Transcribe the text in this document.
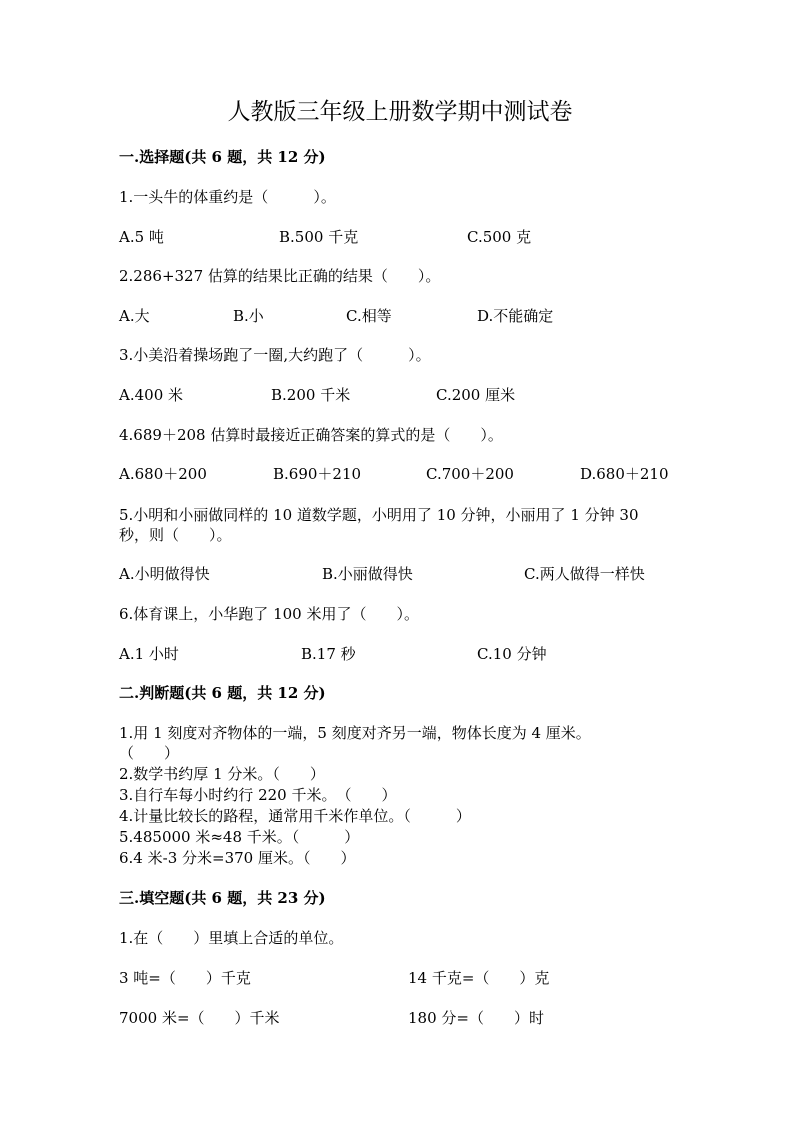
人教版三年级上册数学期中测试卷
一.选择题(共 6 题，共 12 分)
1.一头牛的体重约是（　　　）。
A.5 吨	B.500 千克	C.500 克
2.286+327 估算的结果比正确的结果（　　）。
A.大	B.小	C.相等	D.不能确定
3.小美沿着操场跑了一圈,大约跑了（　　　）。
A.400 米	B.200 千米	C.200 厘米
4.689＋208 估算时最接近正确答案的算式的是（　　）。
A.680＋200	B.690＋210	C.700＋200	D.680＋210
5.小明和小丽做同样的 10 道数学题，小明用了 10 分钟，小丽用了 1 分钟 30
秒，则（　　）。
A.小明做得快	B.小丽做得快	C.两人做得一样快
6.体育课上，小华跑了 100 米用了（　　）。
A.1 小时	B.17 秒	C.10 分钟
二.判断题(共 6 题，共 12 分)
1.用 1 刻度对齐物体的一端，5 刻度对齐另一端，物体长度为 4 厘米。
（　　）
2.数学书约厚 1 分米。（　　）
3.自行车每小时约行 220 千米。　（　　）
4.计量比较长的路程，通常用千米作单位。（　　　）
5.485000 米≈48 千米。（　　　）
6.4 米-3 分米=370 厘米。（　　）
三.填空题(共 6 题，共 23 分)
1.在（　　）里填上合适的单位。
3 吨=（　　）千克	14 千克=（　　）克
7000 米=（　　）千米	180 分=（　　）时
